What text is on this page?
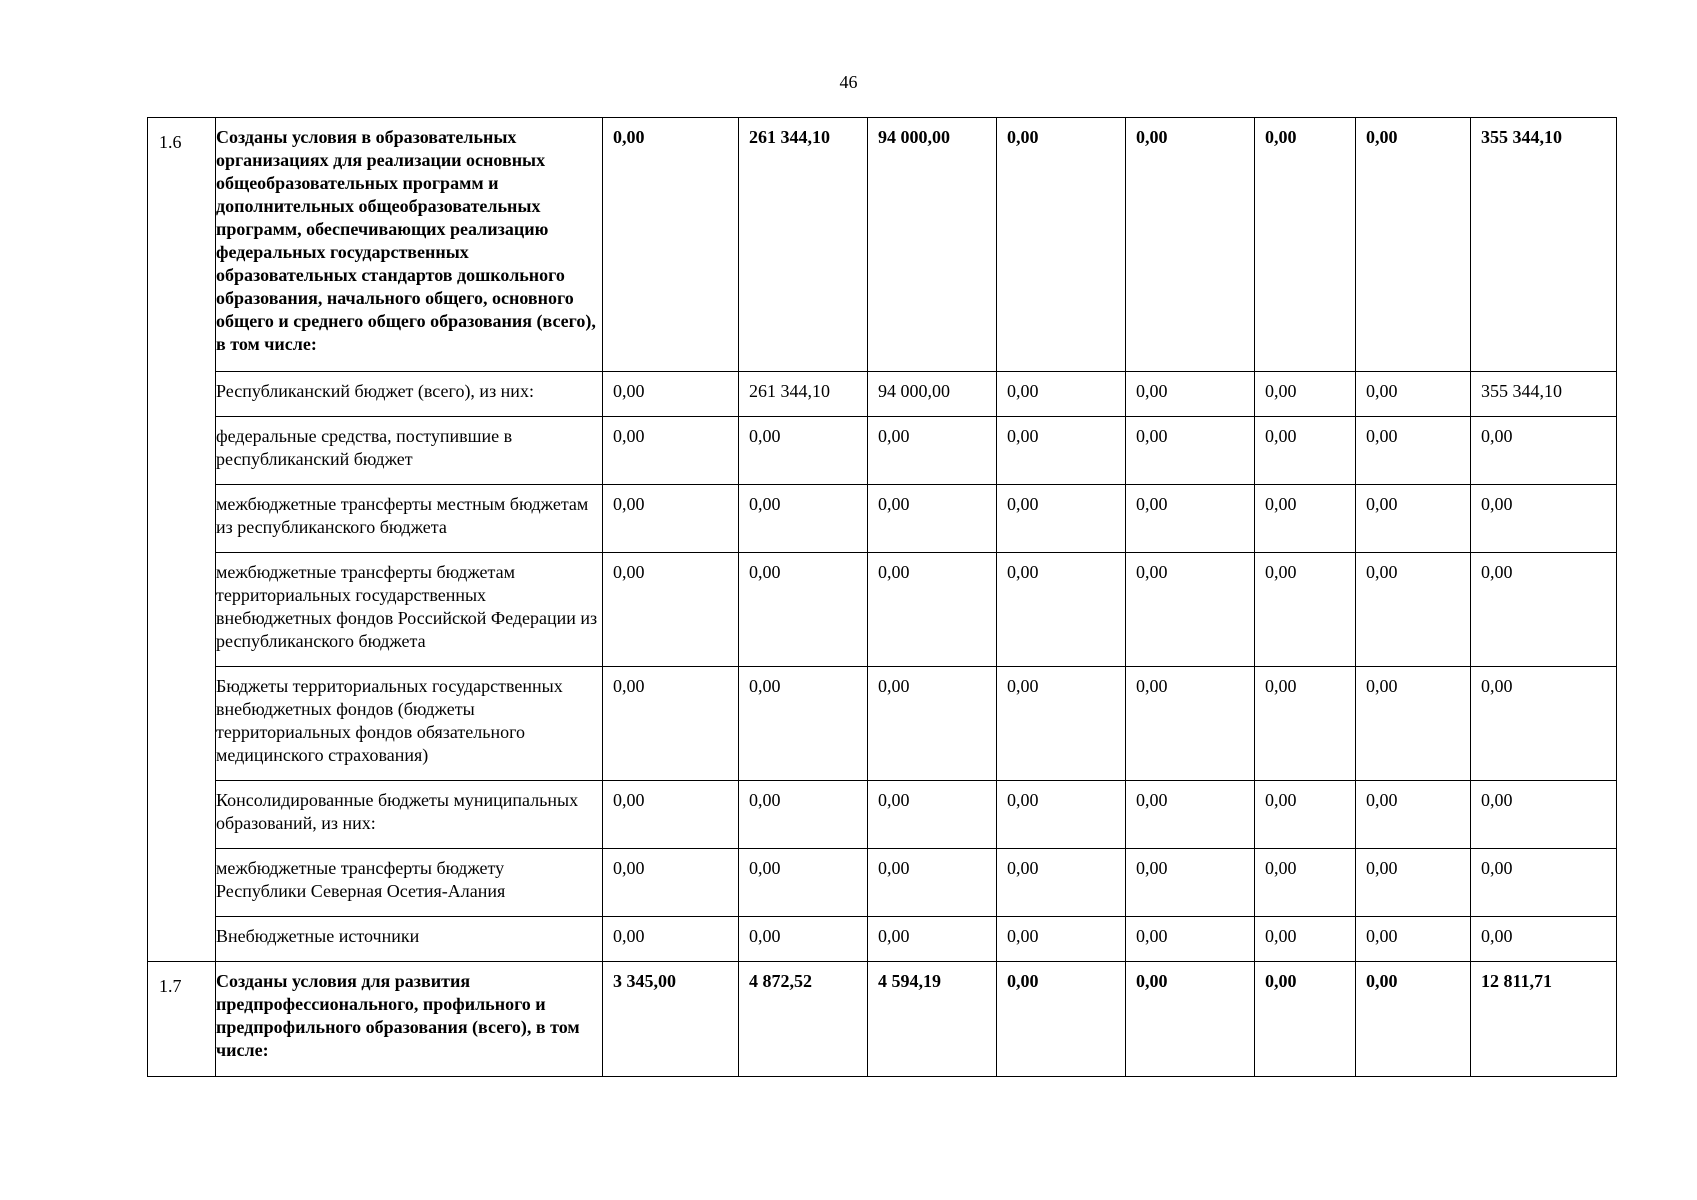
46
1.6	Созданы условия в образовательных организациях для реализации основных общеобразовательных программ и дополнительных общеобразовательных программ, обеспечивающих реализацию федеральных государственных образовательных стандартов дошкольного образования, начального общего, основного общего и среднего общего образования (всего), в том числе:	0,00	261 344,10	94 000,00	0,00	0,00	0,00	0,00	355 344,10
	Республиканский бюджет (всего), из них:	0,00	261 344,10	94 000,00	0,00	0,00	0,00	0,00	355 344,10
	федеральные средства, поступившие в республиканский бюджет	0,00	0,00	0,00	0,00	0,00	0,00	0,00	0,00
	межбюджетные трансферты местным бюджетам из республиканского бюджета	0,00	0,00	0,00	0,00	0,00	0,00	0,00	0,00
	межбюджетные трансферты бюджетам территориальных государственных внебюджетных фондов Российской Федерации из республиканского бюджета	0,00	0,00	0,00	0,00	0,00	0,00	0,00	0,00
	Бюджеты территориальных государственных внебюджетных фондов (бюджеты территориальных фондов обязательного медицинского страхования)	0,00	0,00	0,00	0,00	0,00	0,00	0,00	0,00
	Консолидированные бюджеты муниципальных образований, из них:	0,00	0,00	0,00	0,00	0,00	0,00	0,00	0,00
	межбюджетные трансферты бюджету Республики Северная Осетия-Алания	0,00	0,00	0,00	0,00	0,00	0,00	0,00	0,00
	Внебюджетные источники	0,00	0,00	0,00	0,00	0,00	0,00	0,00	0,00
1.7	Созданы условия для развития предпрофессионального, профильного и предпрофильного образования (всего), в том числе:	3 345,00	4 872,52	4 594,19	0,00	0,00	0,00	0,00	12 811,71
